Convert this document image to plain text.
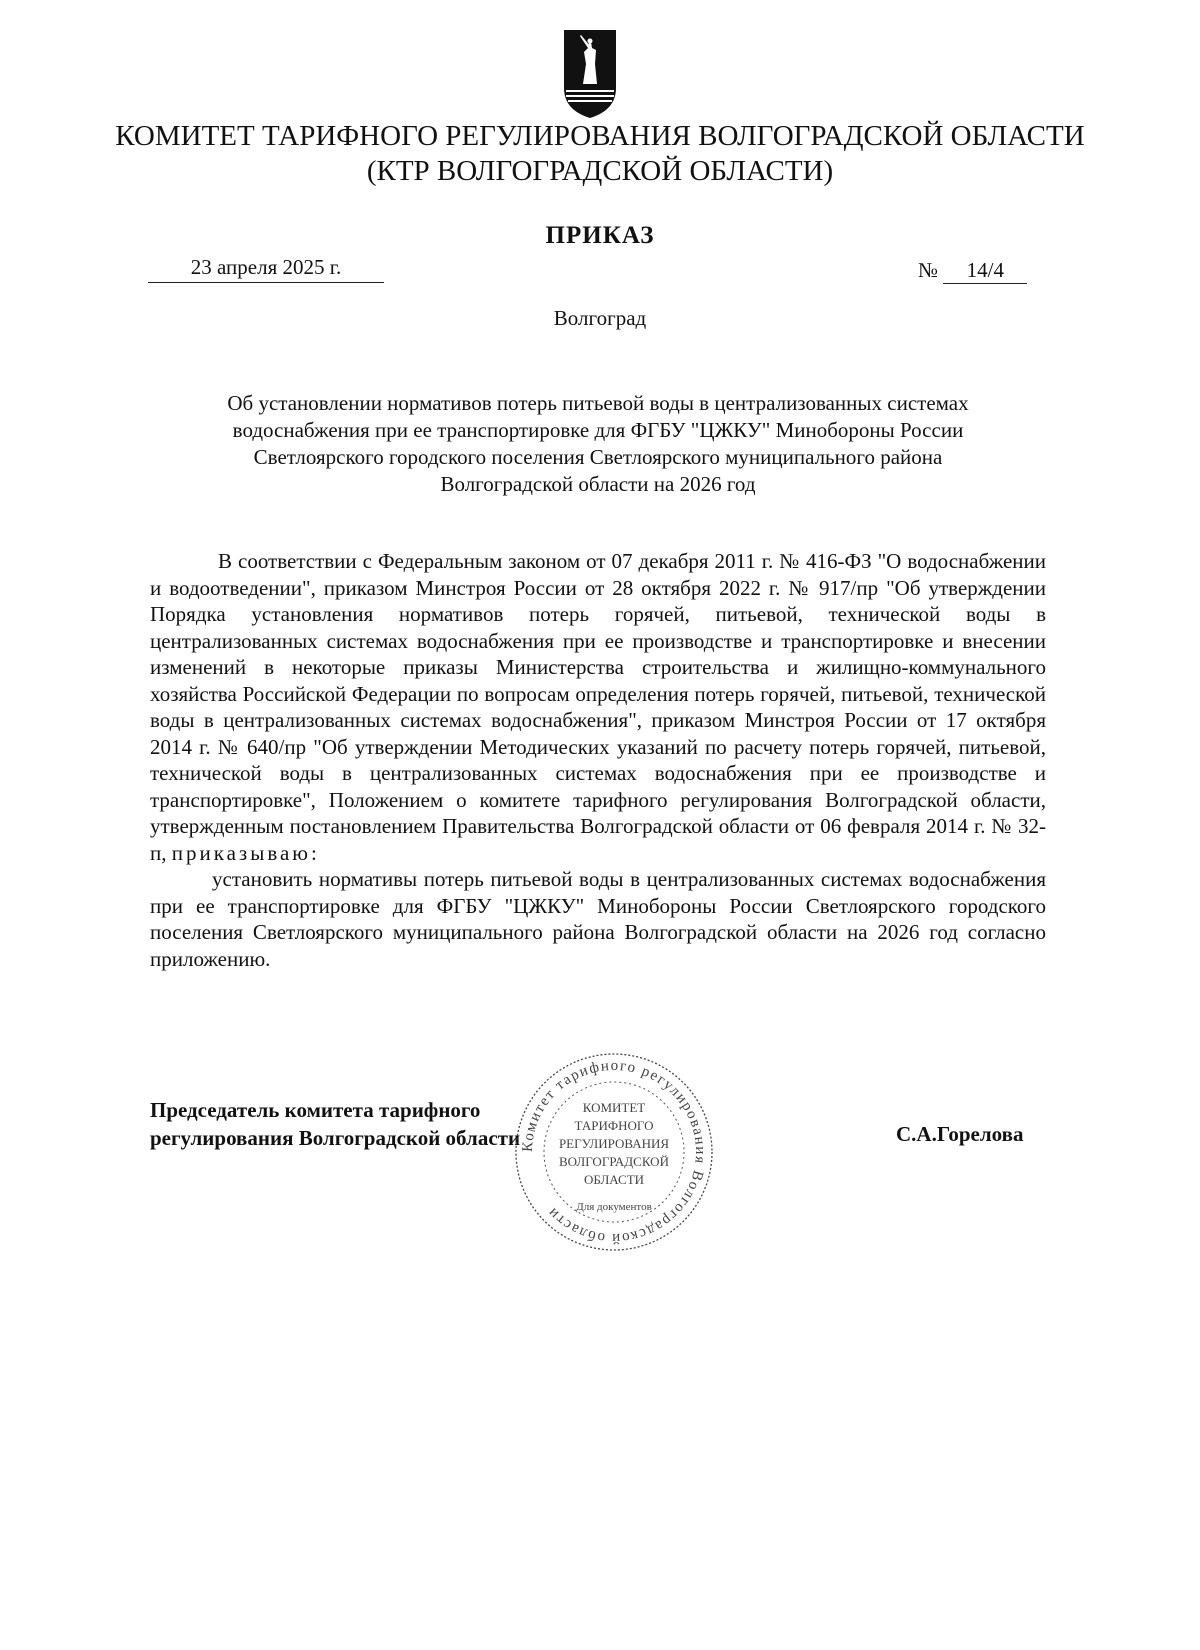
КОМИТЕТ ТАРИФНОГО РЕГУЛИРОВАНИЯ ВОЛГОГРАДСКОЙ ОБЛАСТИ
(КТР ВОЛГОГРАДСКОЙ ОБЛАСТИ)
ПРИКАЗ
23 апреля 2025 г.	№ 14/4
Волгоград
Об установлении нормативов потерь питьевой воды в централизованных системах
водоснабжения при ее транспортировке для ФГБУ "ЦЖКУ" Минобороны России
Светлоярского городского поселения Светлоярского муниципального района
Волгоградской области на 2026 год

В соответствии с Федеральным законом от 07 декабря 2011 г. № 416-ФЗ "О водоснабжении и водоотведении", приказом Минстроя России от 28 октября 2022 г. № 917/пр "Об утверждении Порядка установления нормативов потерь горячей, питьевой, технической воды в централизованных системах водоснабжения при ее производстве и транспортировке и внесении изменений в некоторые приказы Министерства строительства и жилищно-коммунального хозяйства Российской Федерации по вопросам определения потерь горячей, питьевой, технической воды в централизованных системах водоснабжения", приказом Минстроя России от 17 октября 2014 г. № 640/пр "Об утверждении Методических указаний по расчету потерь горячей, питьевой, технической воды в централизованных системах водоснабжения при ее производстве и транспортировке", Положением о комитете тарифного регулирования Волгоградской области, утвержденным постановлением Правительства Волгоградской области от 06 февраля 2014 г. № 32-п, приказываю:

установить нормативы потерь питьевой воды в централизованных системах водоснабжения при ее транспортировке для ФГБУ "ЦЖКУ" Минобороны России Светлоярского городского поселения Светлоярского муниципального района Волгоградской области на 2026 год согласно приложению.

Председатель комитета тарифного
регулирования Волгоградской области	С.А.Горелова
Комитет тарифного регулирования Волгоградской области
КОМИТЕТ
ТАРИФНОГО
РЕГУЛИРОВАНИЯ
ВОЛГОГРАДСКОЙ
ОБЛАСТИ
Для документов
